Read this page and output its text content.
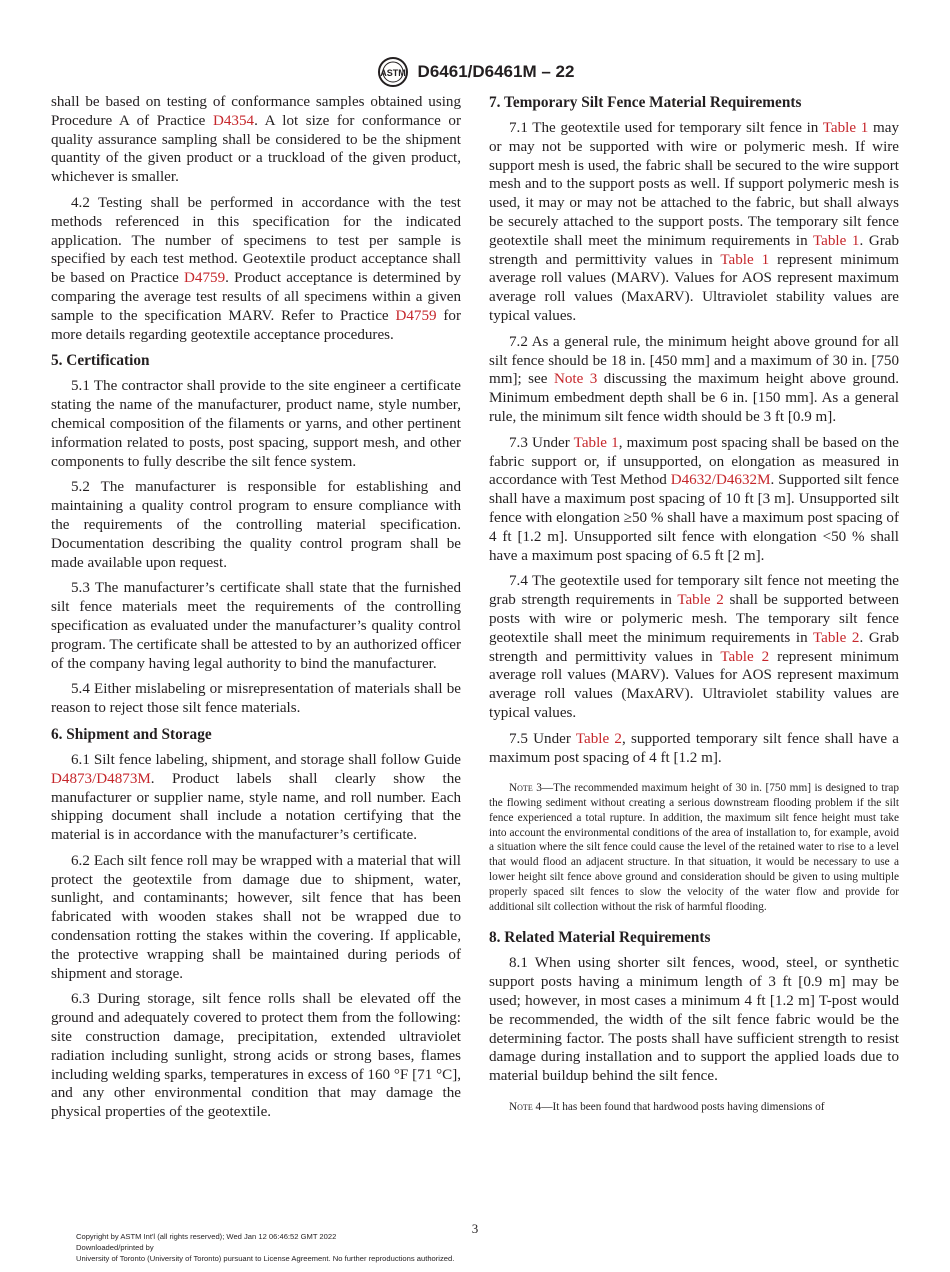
ASTM D6461/D6461M – 22

shall be based on testing of conformance samples obtained using Procedure A of Practice D4354. A lot size for conformance or quality assurance sampling shall be considered to be the shipment quantity of the given product or a truckload of the given product, whichever is smaller.

4.2 Testing shall be performed in accordance with the test methods referenced in this specification for the indicated application. The number of specimens to test per sample is specified by each test method. Geotextile product acceptance shall be based on Practice D4759. Product acceptance is determined by comparing the average test results of all specimens within a given sample to the specification MARV. Refer to Practice D4759 for more details regarding geotextile acceptance procedures.

5. Certification

5.1 The contractor shall provide to the site engineer a certificate stating the name of the manufacturer, product name, style number, chemical composition of the filaments or yarns, and other pertinent information related to posts, post spacing, support mesh, and other components to fully describe the silt fence system.

5.2 The manufacturer is responsible for establishing and maintaining a quality control program to ensure compliance with the requirements of the controlling material specification. Documentation describing the quality control program shall be made available upon request.

5.3 The manufacturer’s certificate shall state that the furnished silt fence materials meet the requirements of the controlling specification as evaluated under the manufacturer’s quality control program. The certificate shall be attested to by an authorized officer of the company having legal authority to bind the manufacturer.

5.4 Either mislabeling or misrepresentation of materials shall be reason to reject those silt fence materials.

6. Shipment and Storage

6.1 Silt fence labeling, shipment, and storage shall follow Guide D4873/D4873M. Product labels shall clearly show the manufacturer or supplier name, style name, and roll number. Each shipping document shall include a notation certifying that the material is in accordance with the manufacturer’s certificate.

6.2 Each silt fence roll may be wrapped with a material that will protect the geotextile from damage due to shipment, water, sunlight, and contaminants; however, silt fence that has been fabricated with wooden stakes shall not be wrapped due to condensation rotting the stakes within the covering. If applicable, the protective wrapping shall be maintained during periods of shipment and storage.

6.3 During storage, silt fence rolls shall be elevated off the ground and adequately covered to protect them from the following: site construction damage, precipitation, extended ultraviolet radiation including sunlight, strong acids or strong bases, flames including welding sparks, temperatures in excess of 160 °F [71 °C], and any other environmental condition that may damage the physical properties of the geotextile.

7. Temporary Silt Fence Material Requirements

7.1 The geotextile used for temporary silt fence in Table 1 may or may not be supported with wire or polymeric mesh. If wire support mesh is used, the fabric shall be secured to the wire support mesh and to the support posts as well. If support polymeric mesh is used, it may or may not be attached to the fabric, but shall always be securely attached to the support posts. The temporary silt fence geotextile shall meet the minimum requirements in Table 1. Grab strength and permittivity values in Table 1 represent minimum average roll values (MARV). Values for AOS represent maximum average roll values (MaxARV). Ultraviolet stability values are typical values.

7.2 As a general rule, the minimum height above ground for all silt fence should be 18 in. [450 mm] and a maximum of 30 in. [750 mm]; see Note 3 discussing the maximum height above ground. Minimum embedment depth shall be 6 in. [150 mm]. As a general rule, the minimum silt fence width should be 3 ft [0.9 m].

7.3 Under Table 1, maximum post spacing shall be based on the fabric support or, if unsupported, on elongation as measured in accordance with Test Method D4632/D4632M. Supported silt fence shall have a maximum post spacing of 10 ft [3 m]. Unsupported silt fence with elongation ≥50 % shall have a maximum post spacing of 4 ft [1.2 m]. Unsupported silt fence with elongation <50 % shall have a maximum post spacing of 6.5 ft [2 m].

7.4 The geotextile used for temporary silt fence not meeting the grab strength requirements in Table 2 shall be supported between posts with wire or polymeric mesh. The temporary silt fence geotextile shall meet the minimum requirements in Table 2. Grab strength and permittivity values in Table 2 represent minimum average roll values (MARV). Values for AOS represent maximum average roll values (MaxARV). Ultraviolet stability values are typical values.

7.5 Under Table 2, supported temporary silt fence shall have a maximum post spacing of 4 ft [1.2 m].

Note 3—The recommended maximum height of 30 in. [750 mm] is designed to trap the flowing sediment without creating a serious downstream flooding problem if the silt fence experienced a total rupture. In addition, the maximum silt fence height must take into account the environmental conditions of the area of installation to, for example, avoid a situation where the silt fence could cause the level of the retained water to rise to a level that would flood an adjacent structure. In that situation, it would be necessary to use a lower height silt fence above ground and consideration should be given to using multiple properly spaced silt fences to slow the velocity of the water flow and provide for additional silt collection without the risk of harmful flooding.

8. Related Material Requirements

8.1 When using shorter silt fences, wood, steel, or synthetic support posts having a minimum length of 3 ft [0.9 m] may be used; however, in most cases a minimum 4 ft [1.2 m] T-post would be recommended, the width of the silt fence fabric would be the determining factor. The posts shall have sufficient strength to resist damage during installation and to support the applied loads due to material buildup behind the silt fence.

Note 4—It has been found that hardwood posts having dimensions of

3
Copyright by ASTM Int'l (all rights reserved); Wed Jan 12 06:46:52 GMT 2022
Downloaded/printed by
University of Toronto (University of Toronto) pursuant to License Agreement. No further reproductions authorized.
